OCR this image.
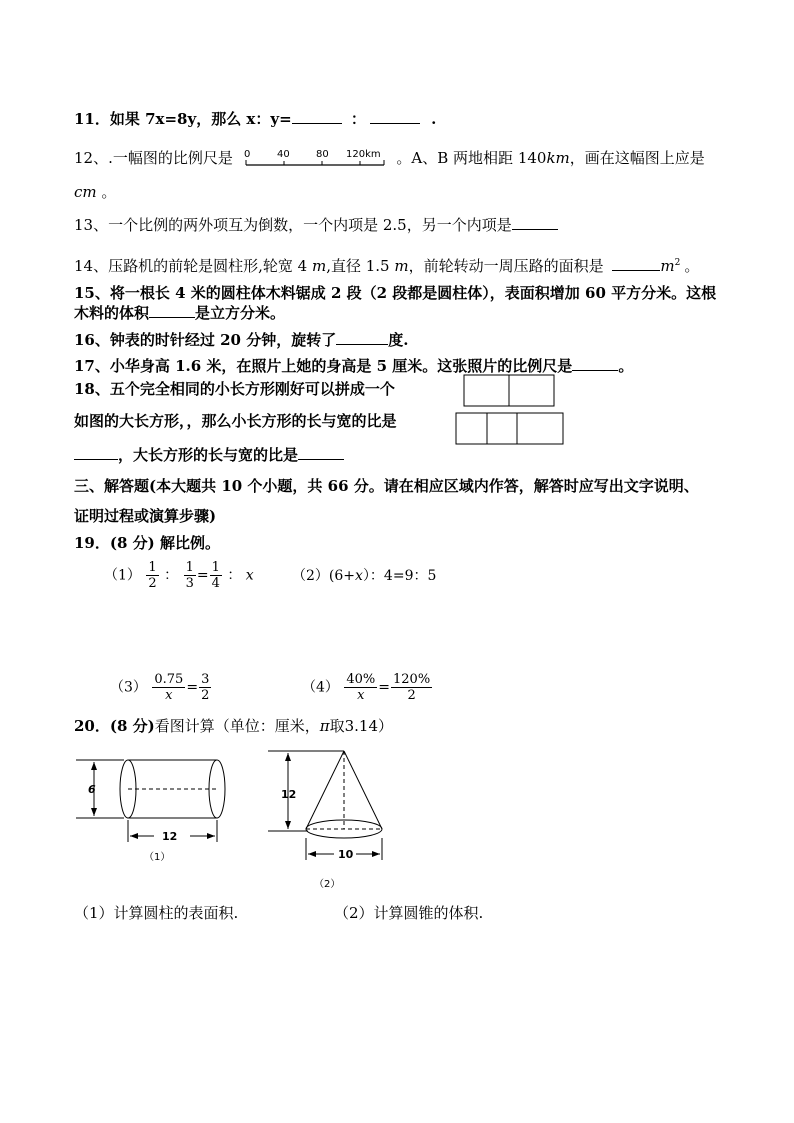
11．如果 7x=8y，那么 x：y=	：	.
12、.一幅图的比例尺是 0	40	80 120km 。A、B 两地相距 140km，画在这幅图上应是
cm 。
13、一个比例的两外项互为倒数，一个内项是 2.5，另一个内项是
14、压路机的前轮是圆柱形,轮宽 4 m,直径 1.5 m，前轮转动一周压路的面积是	$m^2$ 。
15、将一根长 4 米的圆柱体木料锯成 2 段（2 段都是圆柱体），表面积增加 60 平方分米。这根
木料的体积	是立方分米。
16、钟表的时针经过 20 分钟，旋转了	度.
17、小华身高 1.6 米，在照片上她的身高是 5 厘米。这张照片的比例尺是	。
18、五个完全相同的小长方形刚好可以拼成一个
如图的大长方形，，那么小长方形的长与宽的比是
，大长方形的长与宽的比是
三、解答题(本大题共 10 个小题，共 66 分。请在相应区域内作答，解答时应写出文字说明、
证明过程或演算步骤)
19．(8 分) 解比例。
$(1) \frac{1}{2}$ ： $\frac{1}{3} = \frac{1}{4}$ ： x	（2）(6+x）：4=9：5
$(3) \frac{0.75}{x} = \frac{3}{2}$	$(4) \frac{40\%}{x} = \frac{120\%}{2}$
20．(8 分)看图计算（单位：厘米，π取3.14）
6
12
（1）
12
10
（2）
（1）计算圆柱的表面积.	（2）计算圆锥的体积.
